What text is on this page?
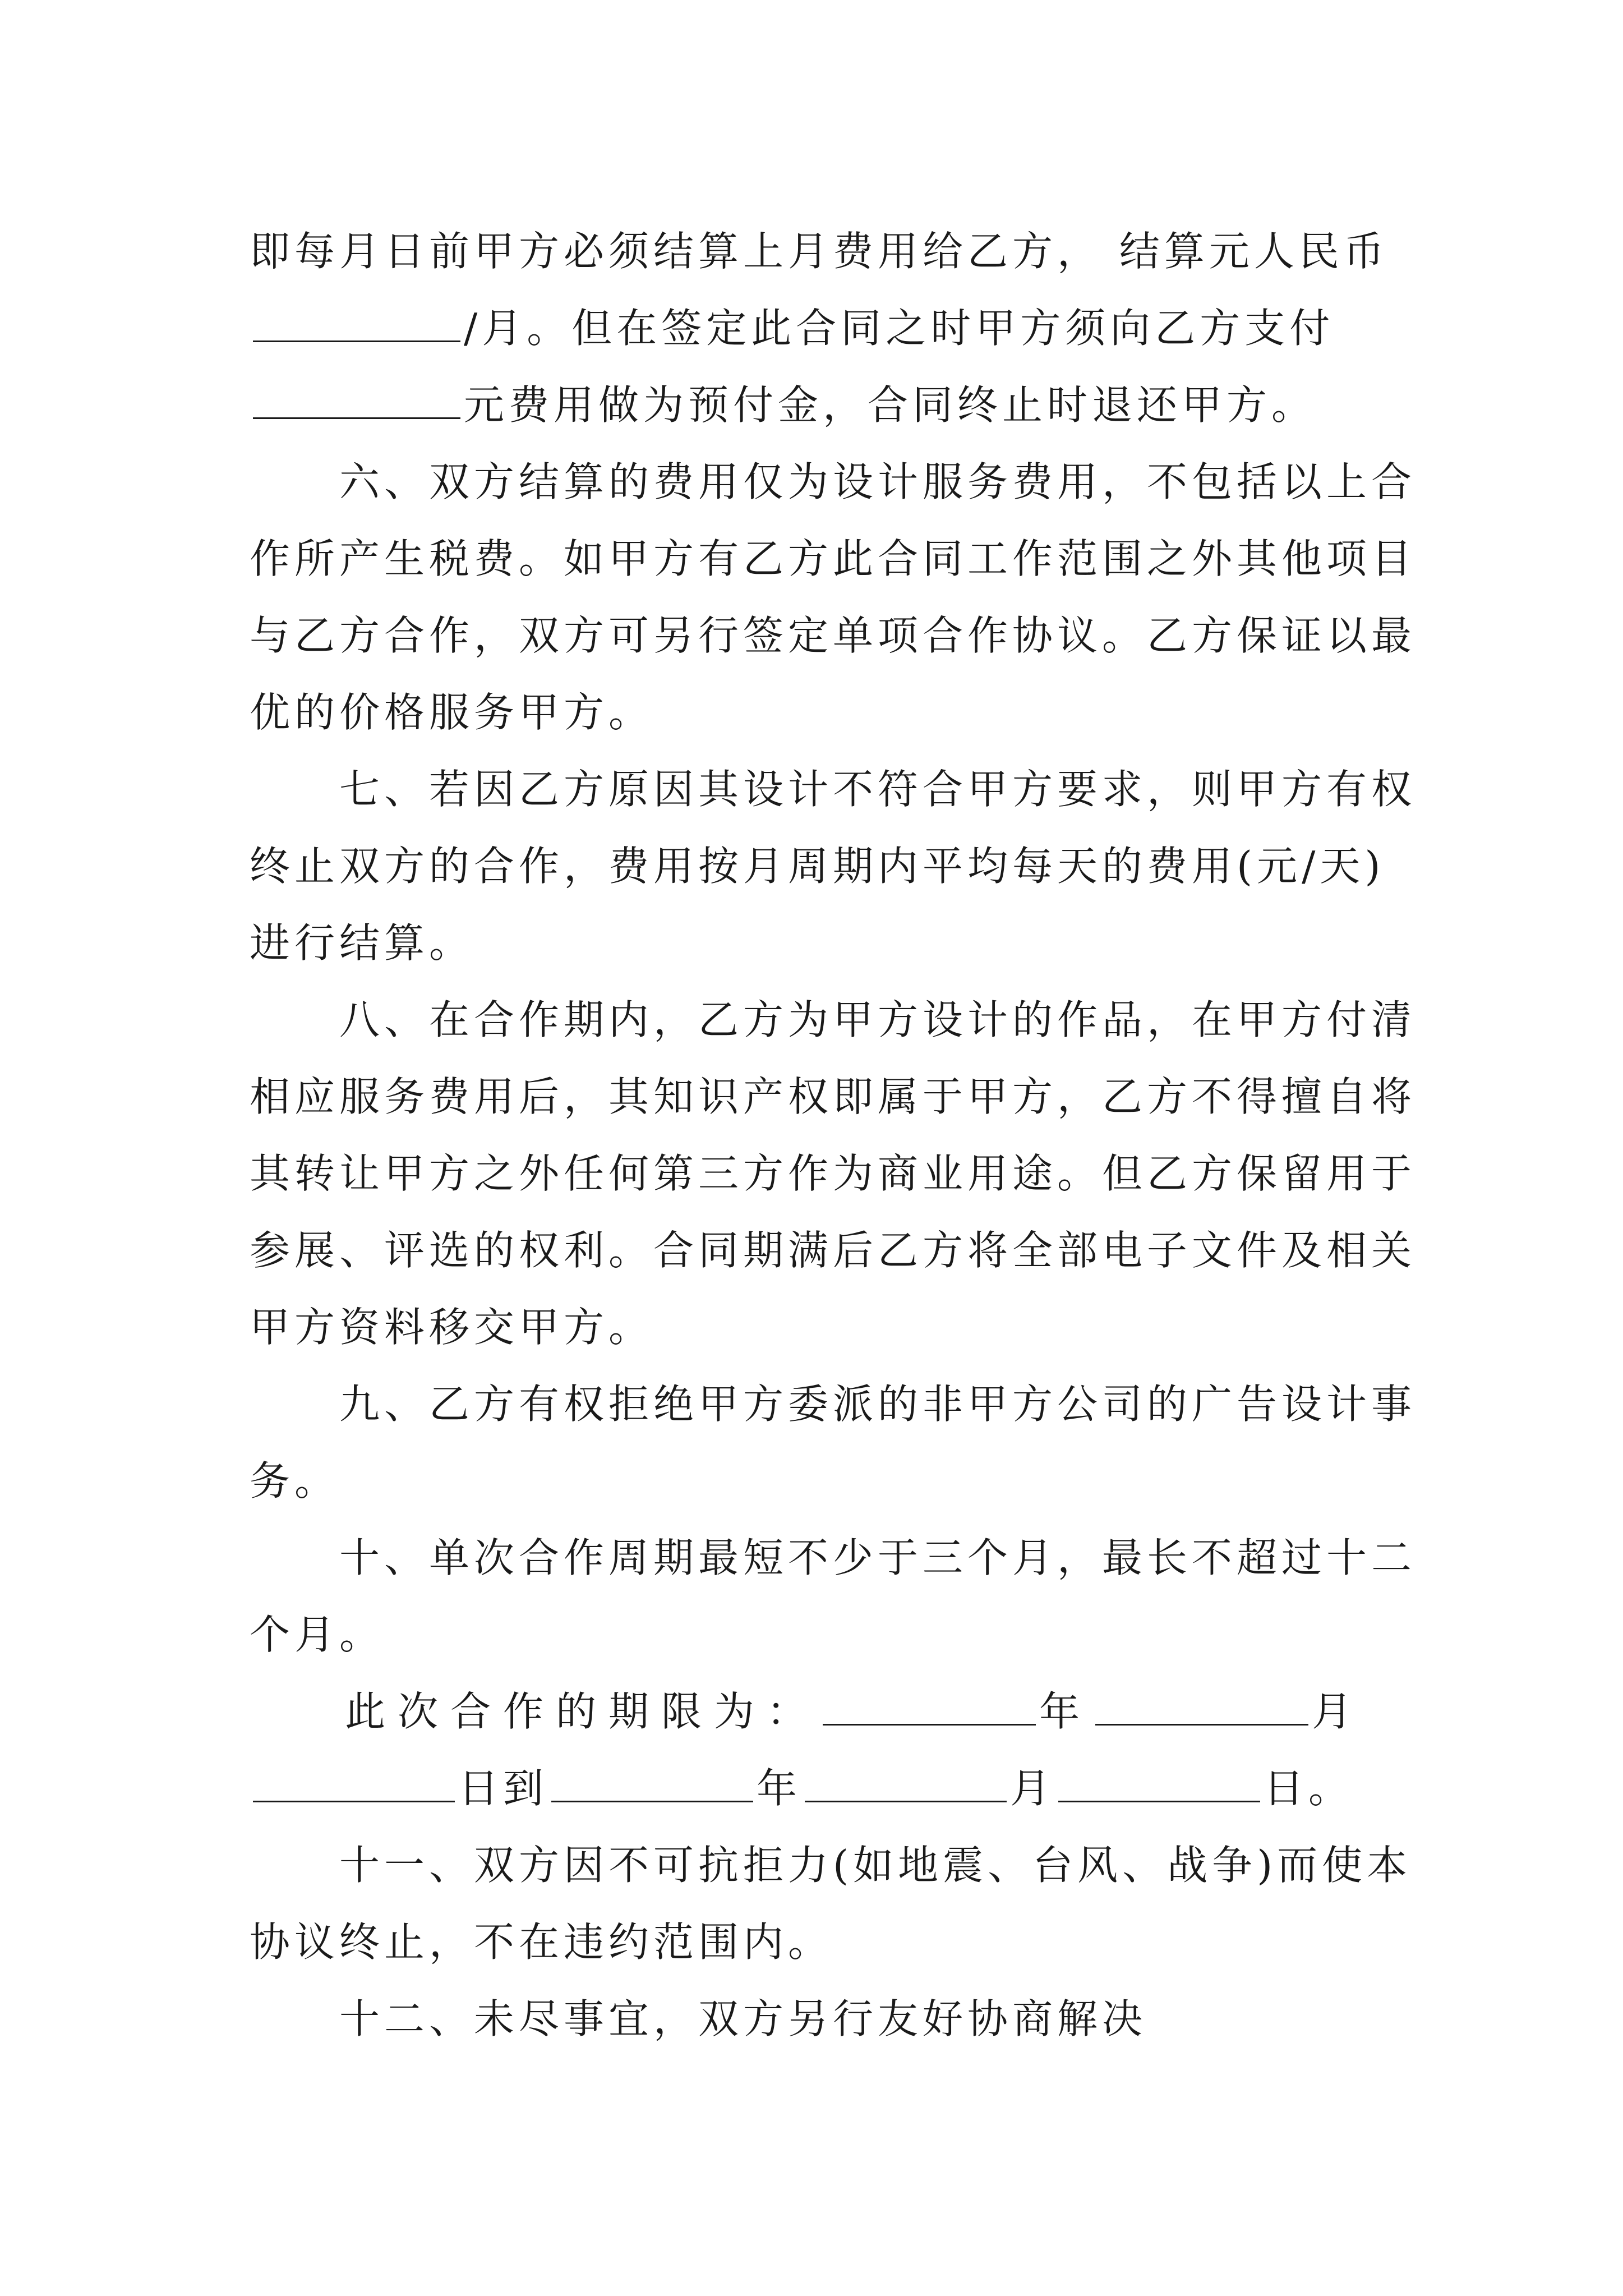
即每月日前甲方必须结算上月费用给乙方， 结算元人民币
/月。但在签定此合同之时甲方须向乙方支付
元费用做为预付金，合同终止时退还甲方。
六、双方结算的费用仅为设计服务费用，不包括以上合
作所产生税费。如甲方有乙方此合同工作范围之外其他项目
与乙方合作，双方可另行签定单项合作协议。乙方保证以最
优的价格服务甲方。
七、若因乙方原因其设计不符合甲方要求，则甲方有权
终止双方的合作，费用按月周期内平均每天的费用(元/天)
进行结算。
八、在合作期内，乙方为甲方设计的作品，在甲方付清
相应服务费用后，其知识产权即属于甲方，乙方不得擅自将
其转让甲方之外任何第三方作为商业用途。但乙方保留用于
参展、评选的权利。合同期满后乙方将全部电子文件及相关
甲方资料移交甲方。
九、乙方有权拒绝甲方委派的非甲方公司的广告设计事
务。
十、单次合作周期最短不少于三个月，最长不超过十二
个月。
此次合作的期限为：	年	月
日到	年	月	日。
十一、双方因不可抗拒力(如地震、台风、战争)而使本
协议终止，不在违约范围内。
十二、未尽事宜，双方另行友好协商解决
